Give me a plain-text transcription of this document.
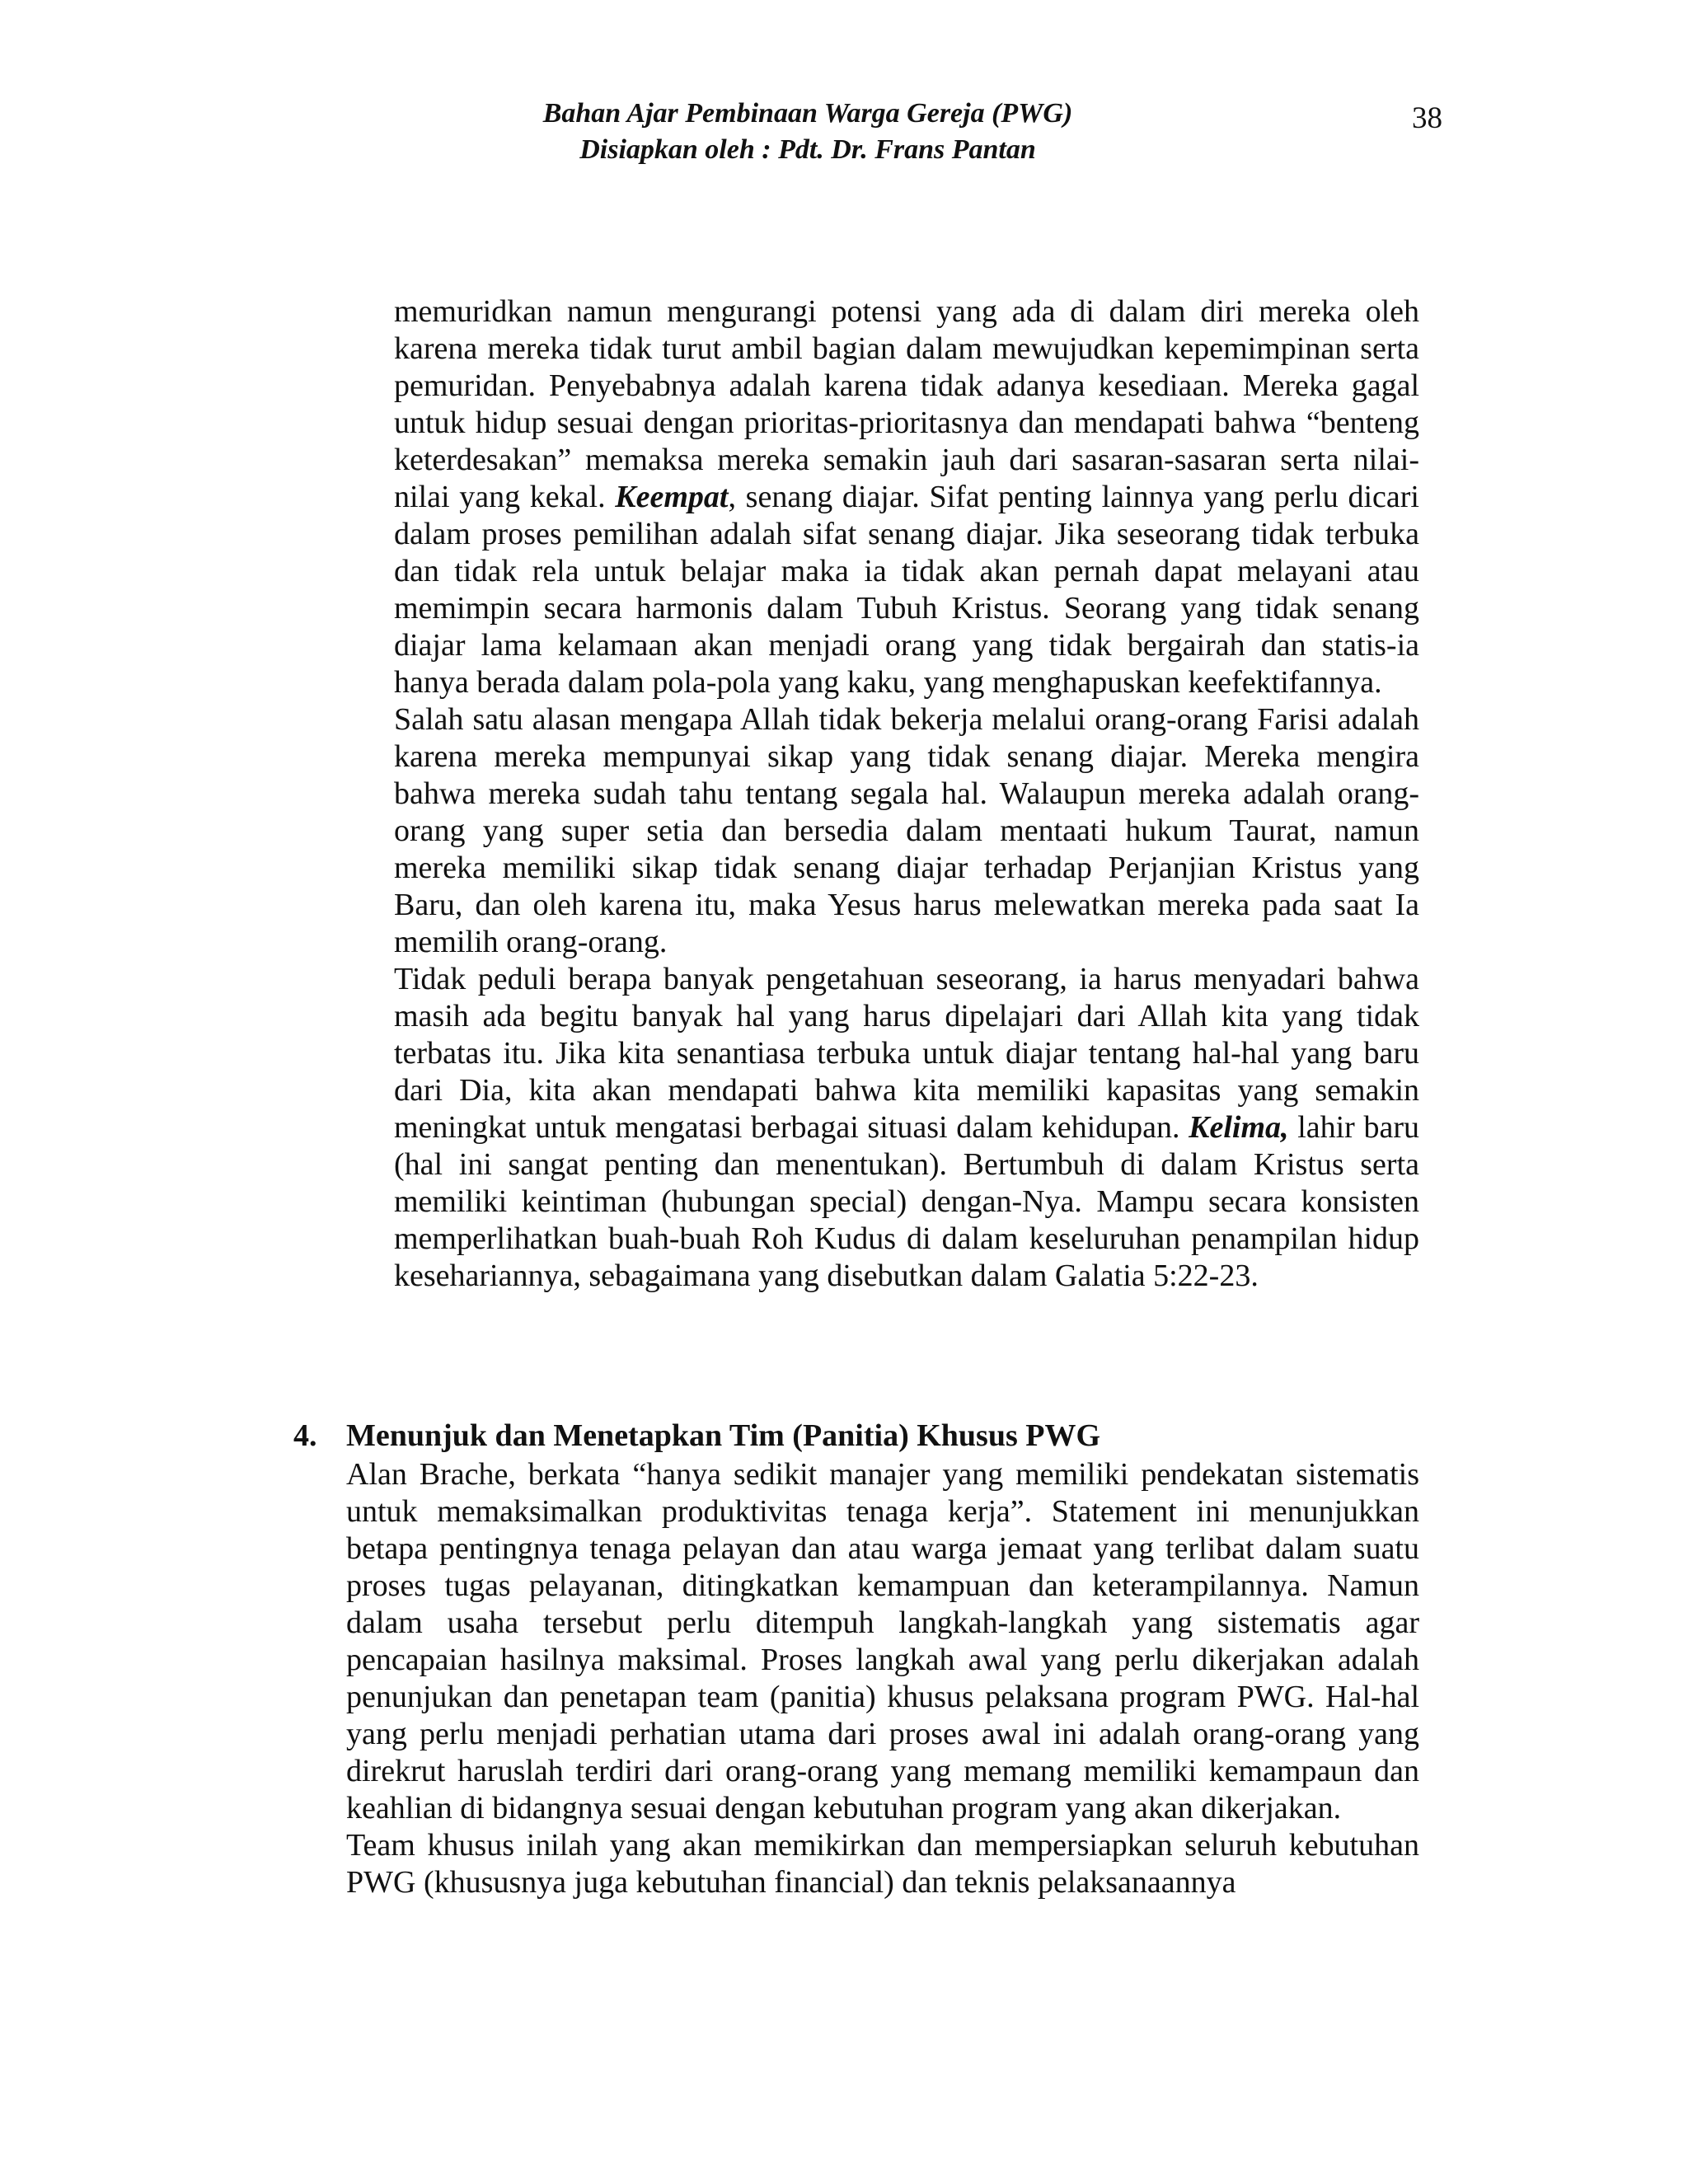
Bahan Ajar Pembinaan Warga Gereja (PWG)
Disiapkan oleh : Pdt. Dr. Frans Pantan
38

memuridkan namun mengurangi potensi yang ada di dalam diri mereka oleh karena mereka tidak turut ambil bagian dalam mewujudkan kepemimpinan serta pemuridan. Penyebabnya adalah karena tidak adanya kesediaan. Mereka gagal untuk hidup sesuai dengan prioritas-prioritasnya dan mendapati bahwa “benteng keterdesakan” memaksa mereka semakin jauh dari sasaran-sasaran serta nilai-nilai yang kekal. Keempat, senang diajar. Sifat penting lainnya yang perlu dicari dalam proses pemilihan adalah sifat senang diajar. Jika seseorang tidak terbuka dan tidak rela untuk belajar maka ia tidak akan pernah dapat melayani atau memimpin secara harmonis dalam Tubuh Kristus. Seorang yang tidak senang diajar lama kelamaan akan menjadi orang yang tidak bergairah dan statis-ia hanya berada dalam pola-pola yang kaku, yang menghapuskan keefektifannya.

Salah satu alasan mengapa Allah tidak bekerja melalui orang-orang Farisi adalah karena mereka mempunyai sikap yang tidak senang diajar. Mereka mengira bahwa mereka sudah tahu tentang segala hal. Walaupun mereka adalah orang-orang yang super setia dan bersedia dalam mentaati hukum Taurat, namun mereka memiliki sikap tidak senang diajar terhadap Perjanjian Kristus yang Baru, dan oleh karena itu, maka Yesus harus melewatkan mereka pada saat Ia memilih orang-orang.

Tidak peduli berapa banyak pengetahuan seseorang, ia harus menyadari bahwa masih ada begitu banyak hal yang harus dipelajari dari Allah kita yang tidak terbatas itu. Jika kita senantiasa terbuka untuk diajar tentang hal-hal yang baru dari Dia, kita akan mendapati bahwa kita memiliki kapasitas yang semakin meningkat untuk mengatasi berbagai situasi dalam kehidupan. Kelima, lahir baru (hal ini sangat penting dan menentukan). Bertumbuh di dalam Kristus serta memiliki keintiman (hubungan special) dengan-Nya. Mampu secara konsisten memperlihatkan buah-buah Roh Kudus di dalam keseluruhan penampilan hidup kesehariannya, sebagaimana yang disebutkan dalam Galatia 5:22-23.

4. Menunjuk dan Menetapkan Tim (Panitia) Khusus PWG

Alan Brache, berkata “hanya sedikit manajer yang memiliki pendekatan sistematis untuk memaksimalkan produktivitas tenaga kerja”. Statement ini menunjukkan betapa pentingnya tenaga pelayan dan atau warga jemaat yang terlibat dalam suatu proses tugas pelayanan, ditingkatkan kemampuan dan keterampilannya. Namun dalam usaha tersebut perlu ditempuh langkah-langkah yang sistematis agar pencapaian hasilnya maksimal. Proses langkah awal yang perlu dikerjakan adalah penunjukan dan penetapan team (panitia) khusus pelaksana program PWG. Hal-hal yang perlu menjadi perhatian utama dari proses awal ini adalah orang-orang yang direkrut haruslah terdiri dari orang-orang yang memang memiliki kemampaun dan keahlian di bidangnya sesuai dengan kebutuhan program yang akan dikerjakan.

Team khusus inilah yang akan memikirkan dan mempersiapkan seluruh kebutuhan PWG (khususnya juga kebutuhan financial) dan teknis pelaksanaannya
